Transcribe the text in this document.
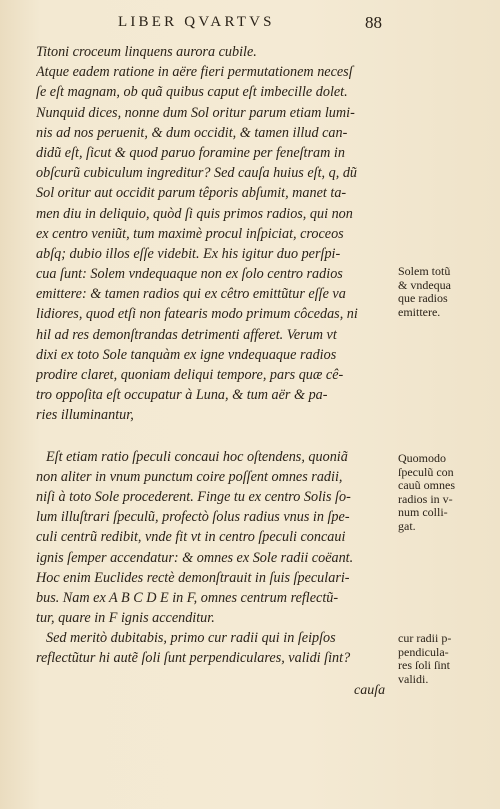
LIBER QVARTVS	88
Titoni croceum linquens aurora cubile.
Atque eadem ratione in aëre fieri permutationem necesſ
ſe eſt magnam, ob quã quibus caput eſt imbecille dolet.
Nunquid dices, nonne dum Sol oritur parum etiam lumi-
nis ad nos peruenit, & dum occidit, & tamen illud can-
didũ eſt, ſicut & quod paruo foramine per feneſtram in
obſcurũ cubiculum ingreditur? Sed cauſa huius eſt, q, dũ
Sol oritur aut occidit parum têporis abſumit, manet ta-
men diu in deliquio, quòd ſi quis primos radios, qui non
ex centro veniũt, tum maximè procul inſpiciat, croceos
abſq; dubio illos eſſe videbit. Ex his igitur duo perſpi-
cua ſunt: Solem vndequaque non ex ſolo centro radios
emittere: & tamen radios qui ex cêtro emittũtur eſſe va
lidiores, quod etſi non fatearis modo primum côcedas, ni
hil ad res demonſtrandas detrimenti afferet. Verum vt
dixi ex toto Sole tanquàm ex igne vndequaque radios
prodire claret, quoniam deliqui tempore, pars quæ cê-
tro oppoſita eſt occupatur à Luna, & tum aër & pa-
ries illuminantur,
Eſt etiam ratio ſpeculi concaui hoc oſtendens, quoniã
non aliter in vnum punctum coire poſſent omnes radii,
niſi à toto Sole procederent. Finge tu ex centro Solis ſo-
lum illuſtrari ſpeculũ, profectò ſolus radius vnus in ſpe-
culi centrũ redibit, vnde fit vt in centro ſpeculi concaui
ignis ſemper accendatur: & omnes ex Sole radii coëant.
Hoc enim Euclides rectè demonſtrauit in ſuis ſpeculari-
bus. Nam ex A B C D E in F, omnes centrum reflectũ-
tur, quare in F ignis accenditur.
Sed meritò dubitabis, primo cur radii qui in ſeipſos
reflectũtur hi autẽ ſoli ſunt perpendiculares, validi ſint?
cauſa
Solem totũ
& vndequa
que radios
emittere.
Quomodo
ſpeculũ con
cauũ omnes
radios in v-
num colli-
gat.
cur radii p-
pendicula-
res ſoli ſint
validi.
